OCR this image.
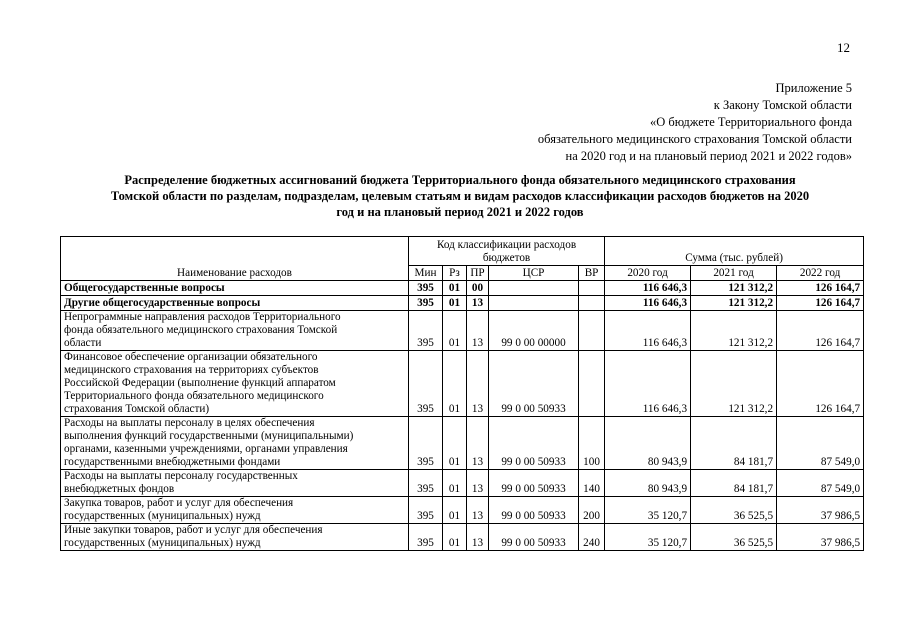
12
Приложение 5
к Закону Томской области
«О бюджете Территориального фонда
обязательного медицинского страхования Томской области
на 2020 год и на плановый период 2021 и 2022 годов»
Распределение бюджетных ассигнований бюджета Территориального фонда обязательного медицинского страхования
Томской области по разделам, подразделам, целевым статьям и видам расходов классификации расходов бюджетов на 2020
год и на плановый период 2021 и 2022 годов
Наименование расходов	Код классификации расходов бюджетов					Сумма (тыс. рублей)		
	Мин	Рз	ПР	ЦСР	ВР	2020 год	2021 год	2022 год
Общегосударственные вопросы	395	01	00			116 646,3	121 312,2	126 164,7
Другие общегосударственные вопросы	395	01	13			116 646,3	121 312,2	126 164,7

Непрограммные направления расходов Территориального
фонда обязательного медицинского страхования Томской
области	395	01	13	99 0 00 00000		116 646,3	121 312,2	126 164,7

Финансовое обеспечение организации обязательного
медицинского страхования на территориях субъектов
Российской Федерации (выполнение функций аппаратом
Территориального фонда обязательного медицинского
страхования Томской области)	395	01	13	99 0 00 50933		116 646,3	121 312,2	126 164,7

Расходы на выплаты персоналу в целях обеспечения
выполнения функций государственными (муниципальными)
органами, казенными учреждениями, органами управления
государственными внебюджетными фондами	395	01	13	99 0 00 50933	100	80 943,9	84 181,7	87 549,0

Расходы на выплаты персоналу государственных
внебюджетных фондов	395	01	13	99 0 00 50933	140	80 943,9	84 181,7	87 549,0

Закупка товаров, работ и услуг для обеспечения
государственных (муниципальных) нужд	395	01	13	99 0 00 50933	200	35 120,7	36 525,5	37 986,5

Иные закупки товаров, работ и услуг для обеспечения
государственных (муниципальных) нужд	395	01	13	99 0 00 50933	240	35 120,7	36 525,5	37 986,5
